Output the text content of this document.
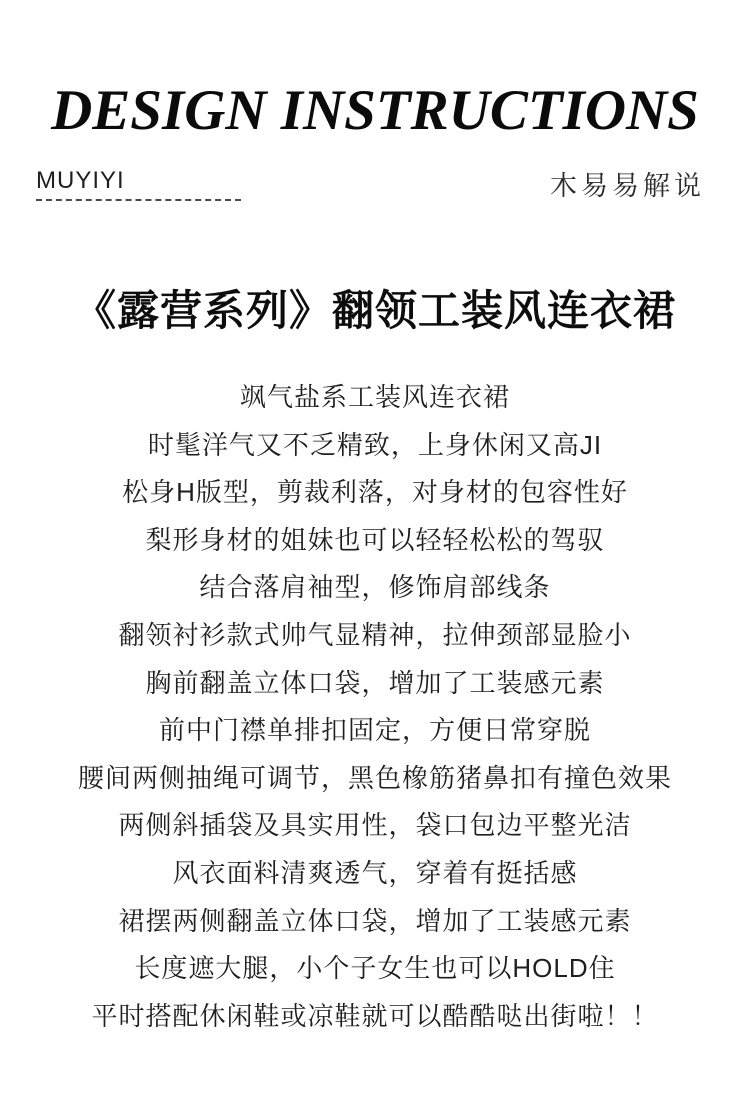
DESIGN INSTRUCTIONS
MUYIYI	木易易解说
《露营系列》翻领工装风连衣裙

飒气盐系工装风连衣裙

时髦洋气又不乏精致，上身休闲又高JI

松身H版型，剪裁利落，对身材的包容性好

梨形身材的姐妹也可以轻轻松松的驾驭

结合落肩袖型，修饰肩部线条

翻领衬衫款式帅气显精神，拉伸颈部显脸小

胸前翻盖立体口袋，增加了工装感元素

前中门襟单排扣固定，方便日常穿脱

腰间两侧抽绳可调节，黑色橡筋猪鼻扣有撞色效果

两侧斜插袋及具实用性，袋口包边平整光洁

风衣面料清爽透气，穿着有挺括感

裙摆两侧翻盖立体口袋，增加了工装感元素

长度遮大腿，小个子女生也可以HOLD住

平时搭配休闲鞋或凉鞋就可以酷酷哒出街啦！！
